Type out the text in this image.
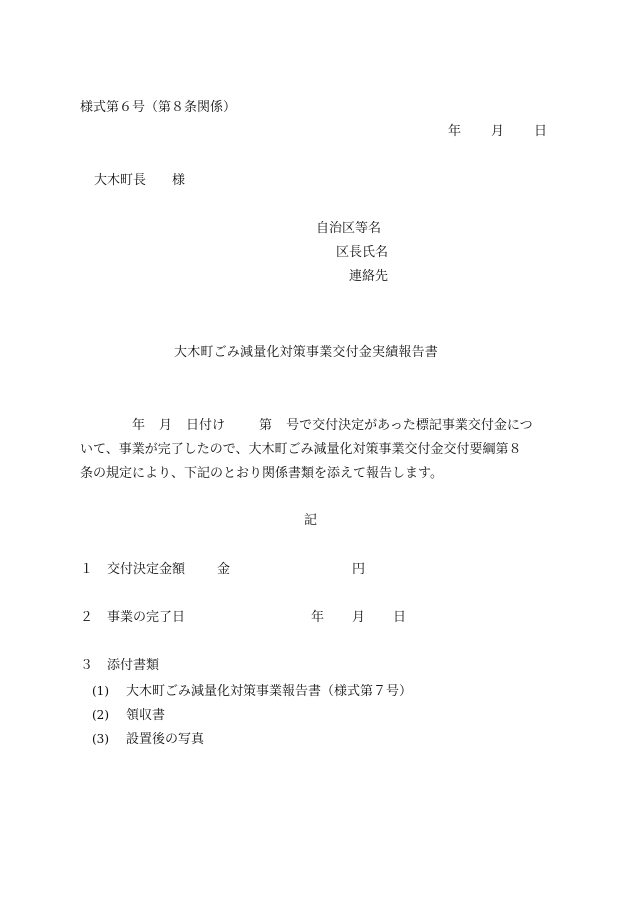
様式第６号（第８条関係）
年 月 日
大木町長 様
自治区等名
区長氏名
連絡先
大木町ごみ減量化対策事業交付金実績報告書
年 月 日付け	第 号で交付決定があった標記事業交付金につ
いて、事業が完了したので、大木町ごみ減量化対策事業交付金交付要綱第８
条の規定により、下記のとおり関係書類を添えて報告します。
記
１ 交付決定金額 金	円
２ 事業の完了日	年 月 日
３ 添付書類
(1) 大木町ごみ減量化対策事業報告書（様式第７号）
(2) 領収書
(3) 設置後の写真
